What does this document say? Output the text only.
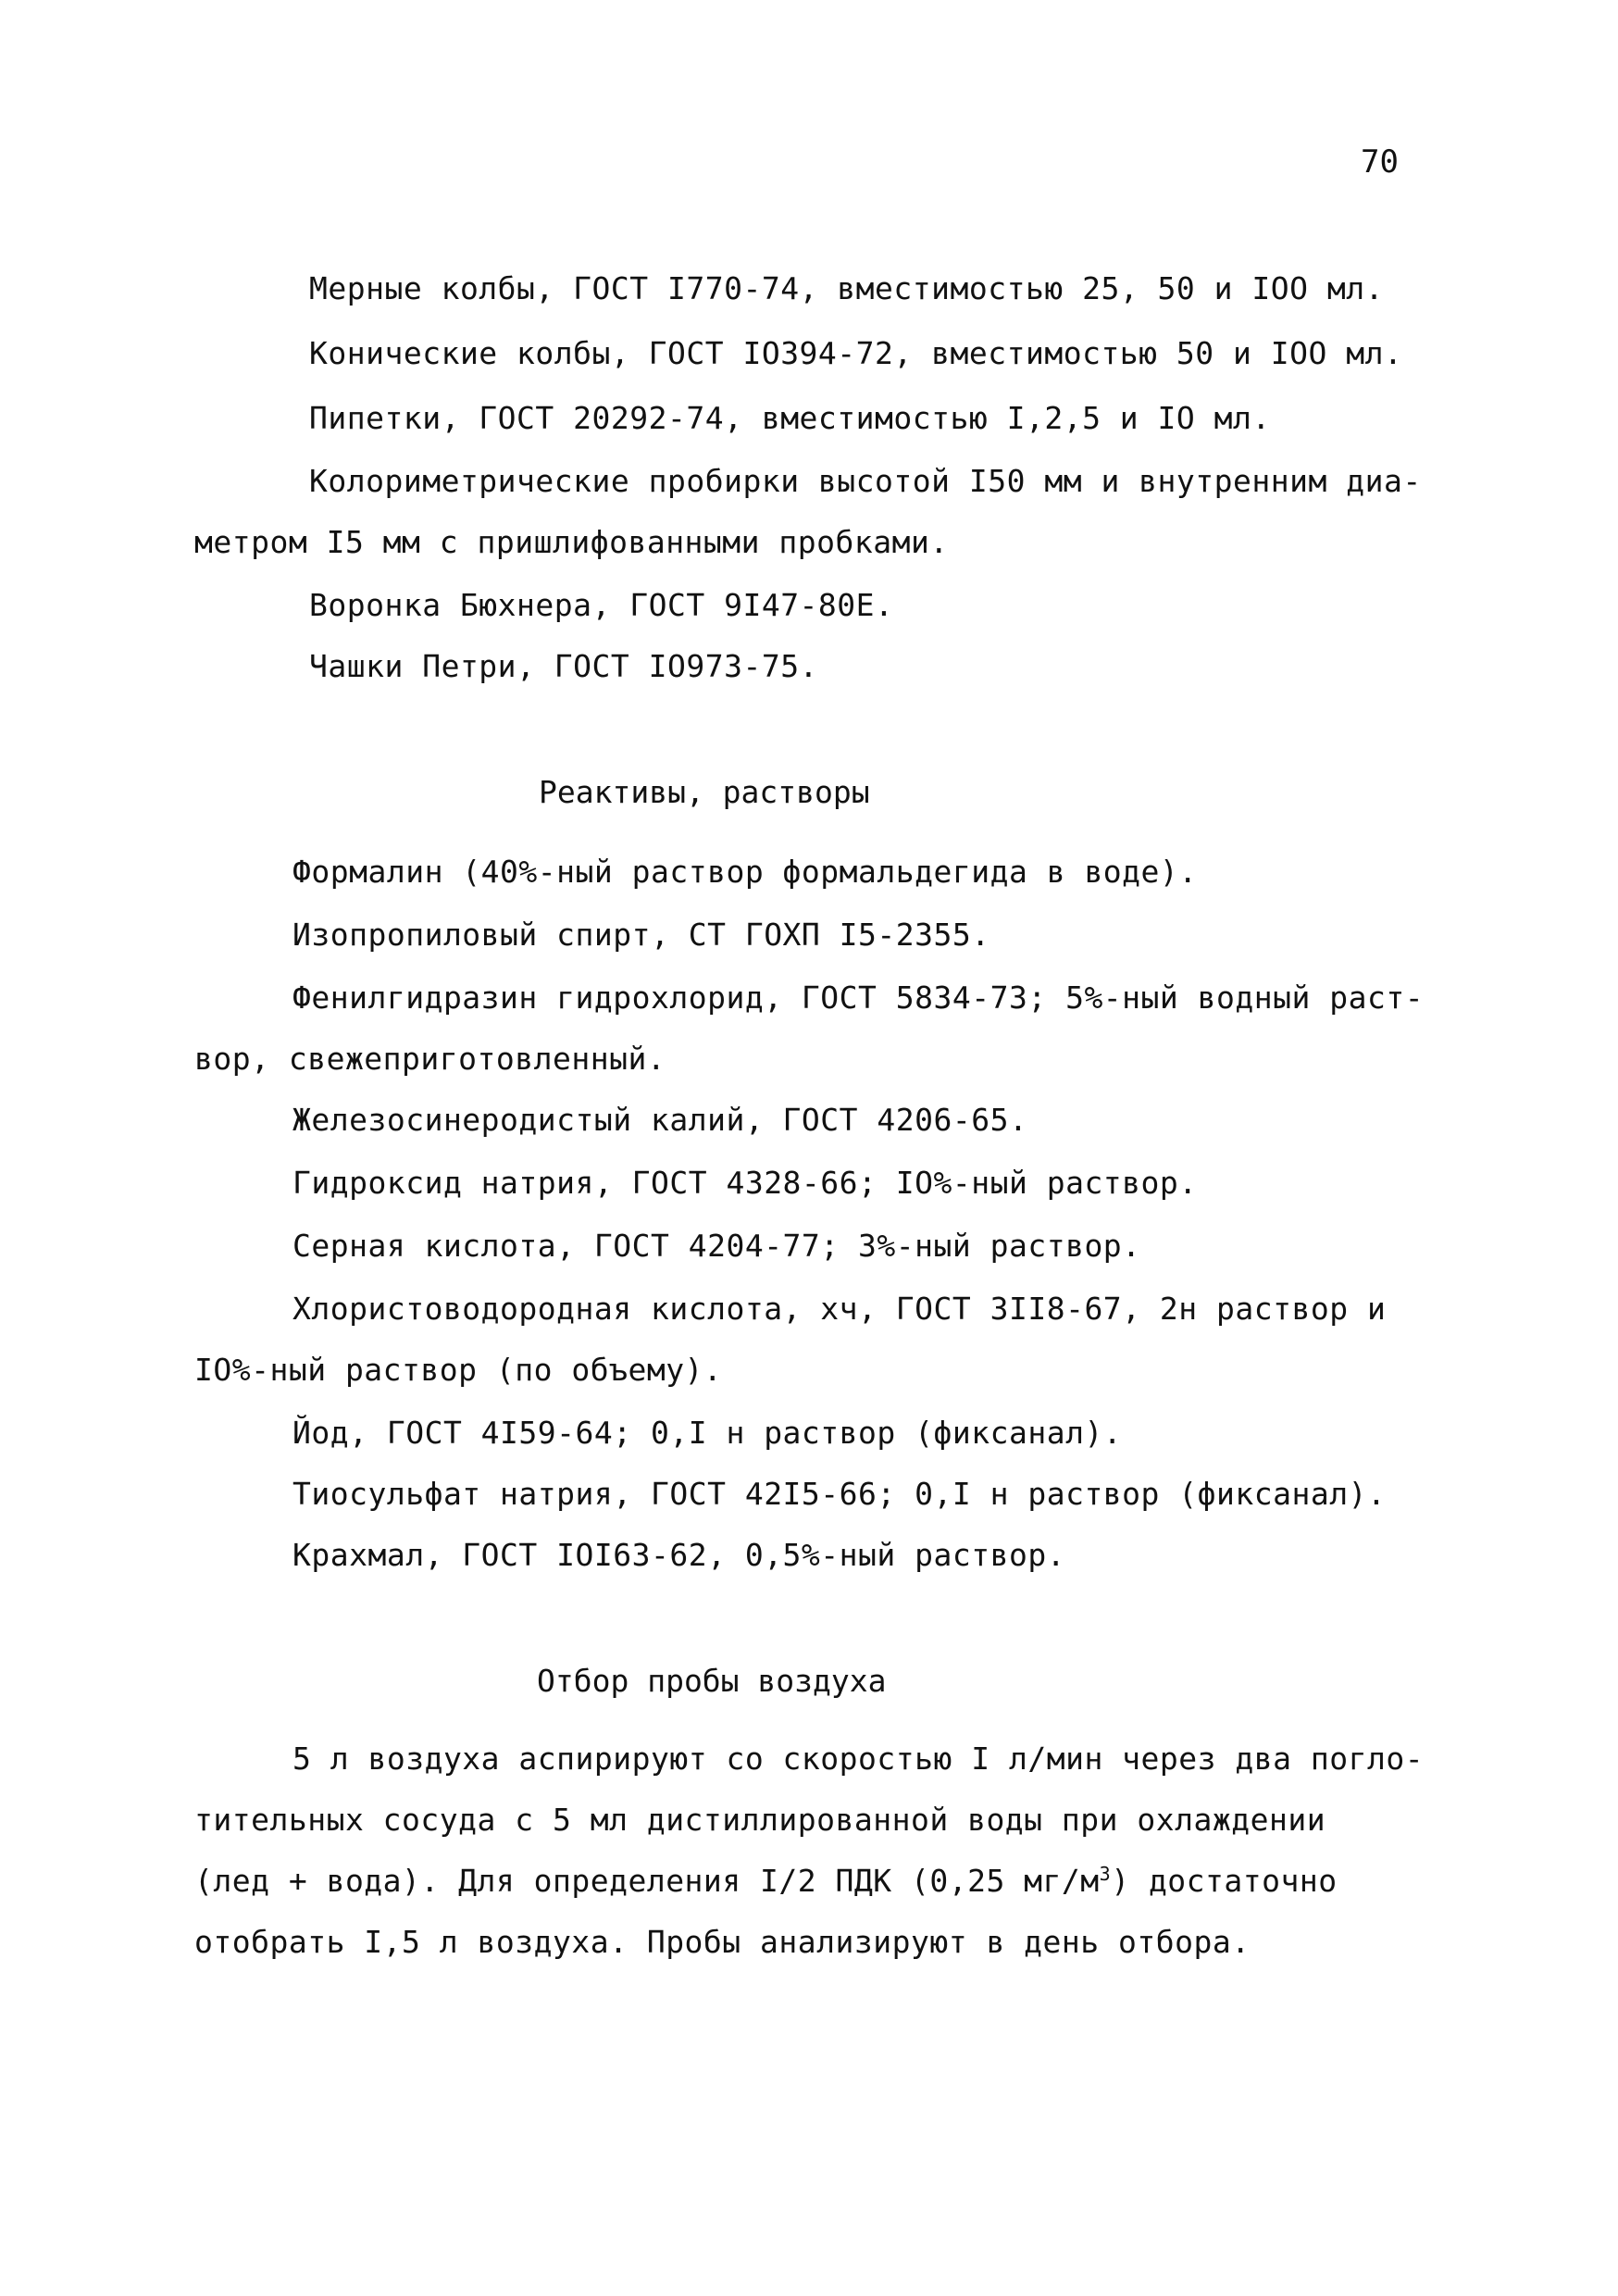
70
Мерные колбы, ГОСТ I770-74, вместимостью 25, 50 и IOO мл.
Конические колбы, ГОСТ IO394-72, вместимостью 50 и IOO мл.
Пипетки, ГОСТ 20292-74, вместимостью I,2,5 и IO мл.
Колориметрические пробирки высотой I50 мм и внутренним диа-
метром I5 мм с пришлифованными пробками.
Воронка Бюхнера, ГОСТ 9I47-80Е.
Чашки Петри, ГОСТ IO973-75.
Реактивы, растворы
Формалин (40%-ный раствор формальдегида в воде).
Изопропиловый спирт, СТ ГОХП I5-2355.
Фенилгидразин гидрохлорид, ГОСТ 5834-73; 5%-ный водный раст-
вор, свежеприготовленный.
Железосинеродистый калий, ГОСТ 4206-65.
Гидроксид натрия, ГОСТ 4328-66; IO%-ный раствор.
Серная кислота, ГОСТ 4204-77; 3%-ный раствор.
Хлористоводородная кислота, хч, ГОСТ 3II8-67, 2н раствор и
IO%-ный раствор (по объему).
Йод, ГОСТ 4I59-64; 0,I н раствор (фиксанал).
Тиосульфат натрия, ГОСТ 42I5-66; 0,I н раствор (фиксанал).
Крахмал, ГОСТ IOI63-62, 0,5%-ный раствор.
Отбор пробы воздуха
5 л воздуха аспирируют со скоростью I л/мин через два погло-
тительных сосуда с 5 мл дистиллированной воды при охлаждении
(лед + вода). Для определения I/2 ПДК (0,25 $мг/м^3$) достаточно
отобрать I,5 л воздуха. Пробы анализируют в день отбора.
